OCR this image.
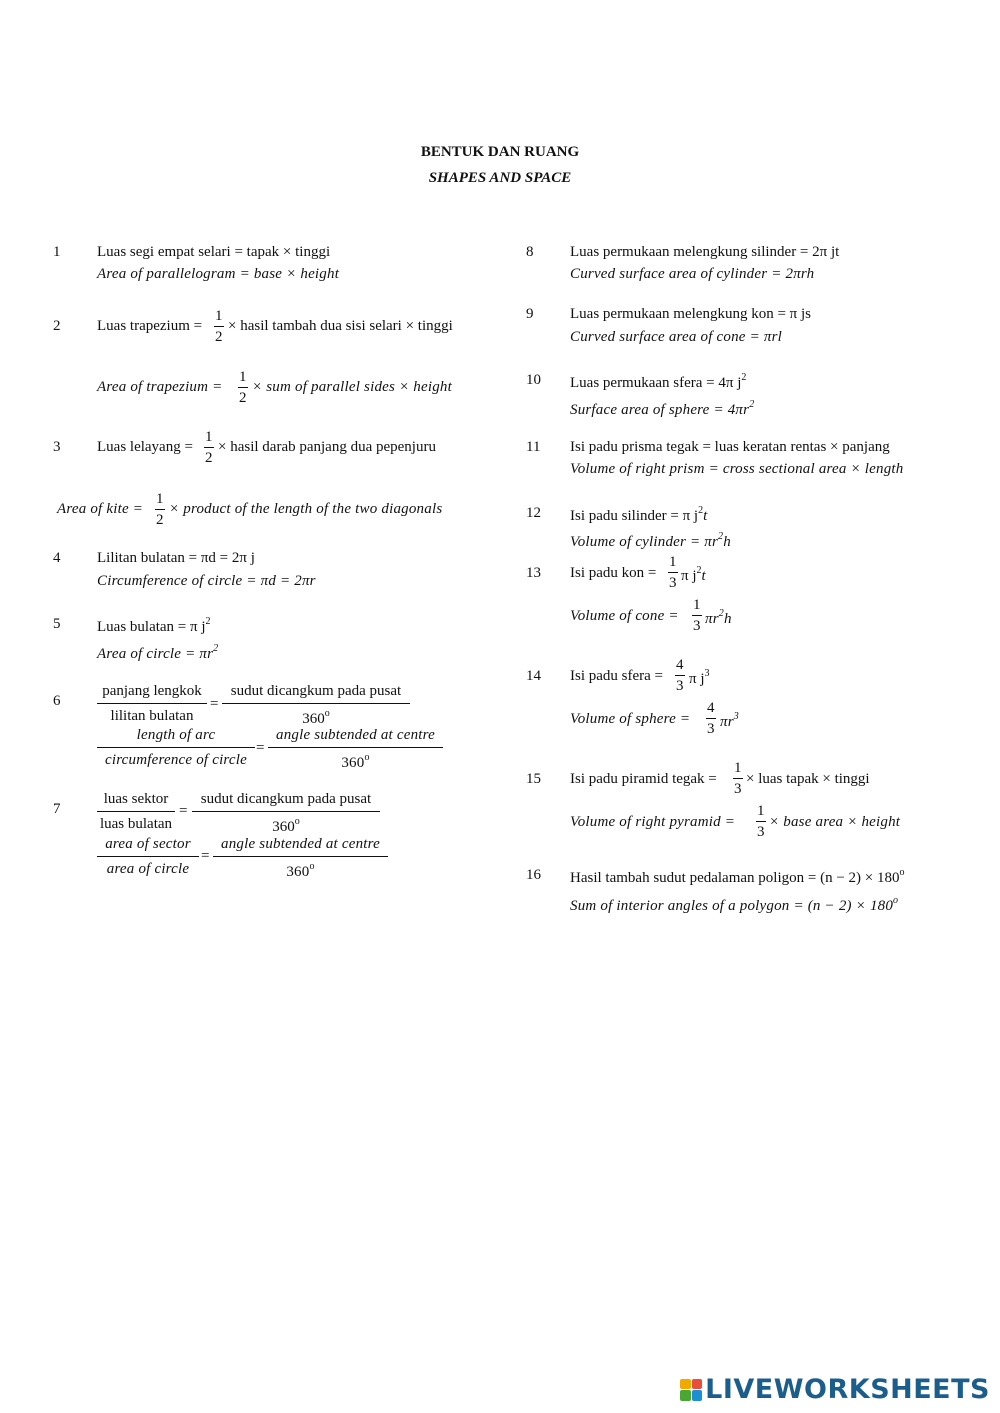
BENTUK DAN RUANG
SHAPES AND SPACE
1 Luas segi empat selari = tapak × tinggi
Area of parallelogram = base × height
2 Luas trapezium = $\frac{1}{2}$ × hasil tambah dua sisi selari × tinggi
Area of trapezium = $\frac{1}{2}$ × sum of parallel sides × height
3 Luas lelayang = $\frac{1}{2}$ × hasil darab panjang dua pepenjuru
Area of kite = $\frac{1}{2}$ × product of the length of the two diagonals
4 Lilitan bulatan = πd = 2π j
Circumference of circle = πd = 2πr
5 Luas bulatan = π $j^2$
Area of circle = $\pi r^2$
6
panjang lengkok
lilitan bulatan
=
sudut dicangkum pada pusat
360$^o$
length of arc
circumference of circle
=
angle subtended at centre
360$^o$
7
luas sektor
luas bulatan
=
sudut dicangkum pada pusat
360$^o$
area of sector
area of circle
=
angle subtended at centre
360$^o$
8 Luas permukaan melengkung silinder = 2π jt
Curved surface area of cylinder = 2πrh
9 Luas permukaan melengkung kon = π js
Curved surface area of cone = πrl
10 Luas permukaan sfera = 4π $j^2$
Surface area of sphere = $4\pi r^2$
11 Isi padu prisma tegak = luas keratan rentas × panjang
Volume of right prism = cross sectional area × length
12 Isi padu silinder = π $j^2t$
Volume of cylinder = $\pi r^2h$
13 Isi padu kon = $\frac{1}{3}$ π $j^2t$
Volume of cone = $\frac{1}{3} \pi r^2h$
14 Isi padu sfera = $\frac{4}{3}$ π $j^3$
Volume of sphere = $\frac{4}{3} \pi r^3$
15 Isi padu piramid tegak = $\frac{1}{3}$ × luas tapak × tinggi
Volume of right pyramid = $\frac{1}{3}$ × base area × height
16 Hasil tambah sudut pedalaman poligon = $(n - 2) \times 180^o$
Sum of interior angles of a polygon = $(n - 2) \times 180^o$
LIVEWORKSHEETS
